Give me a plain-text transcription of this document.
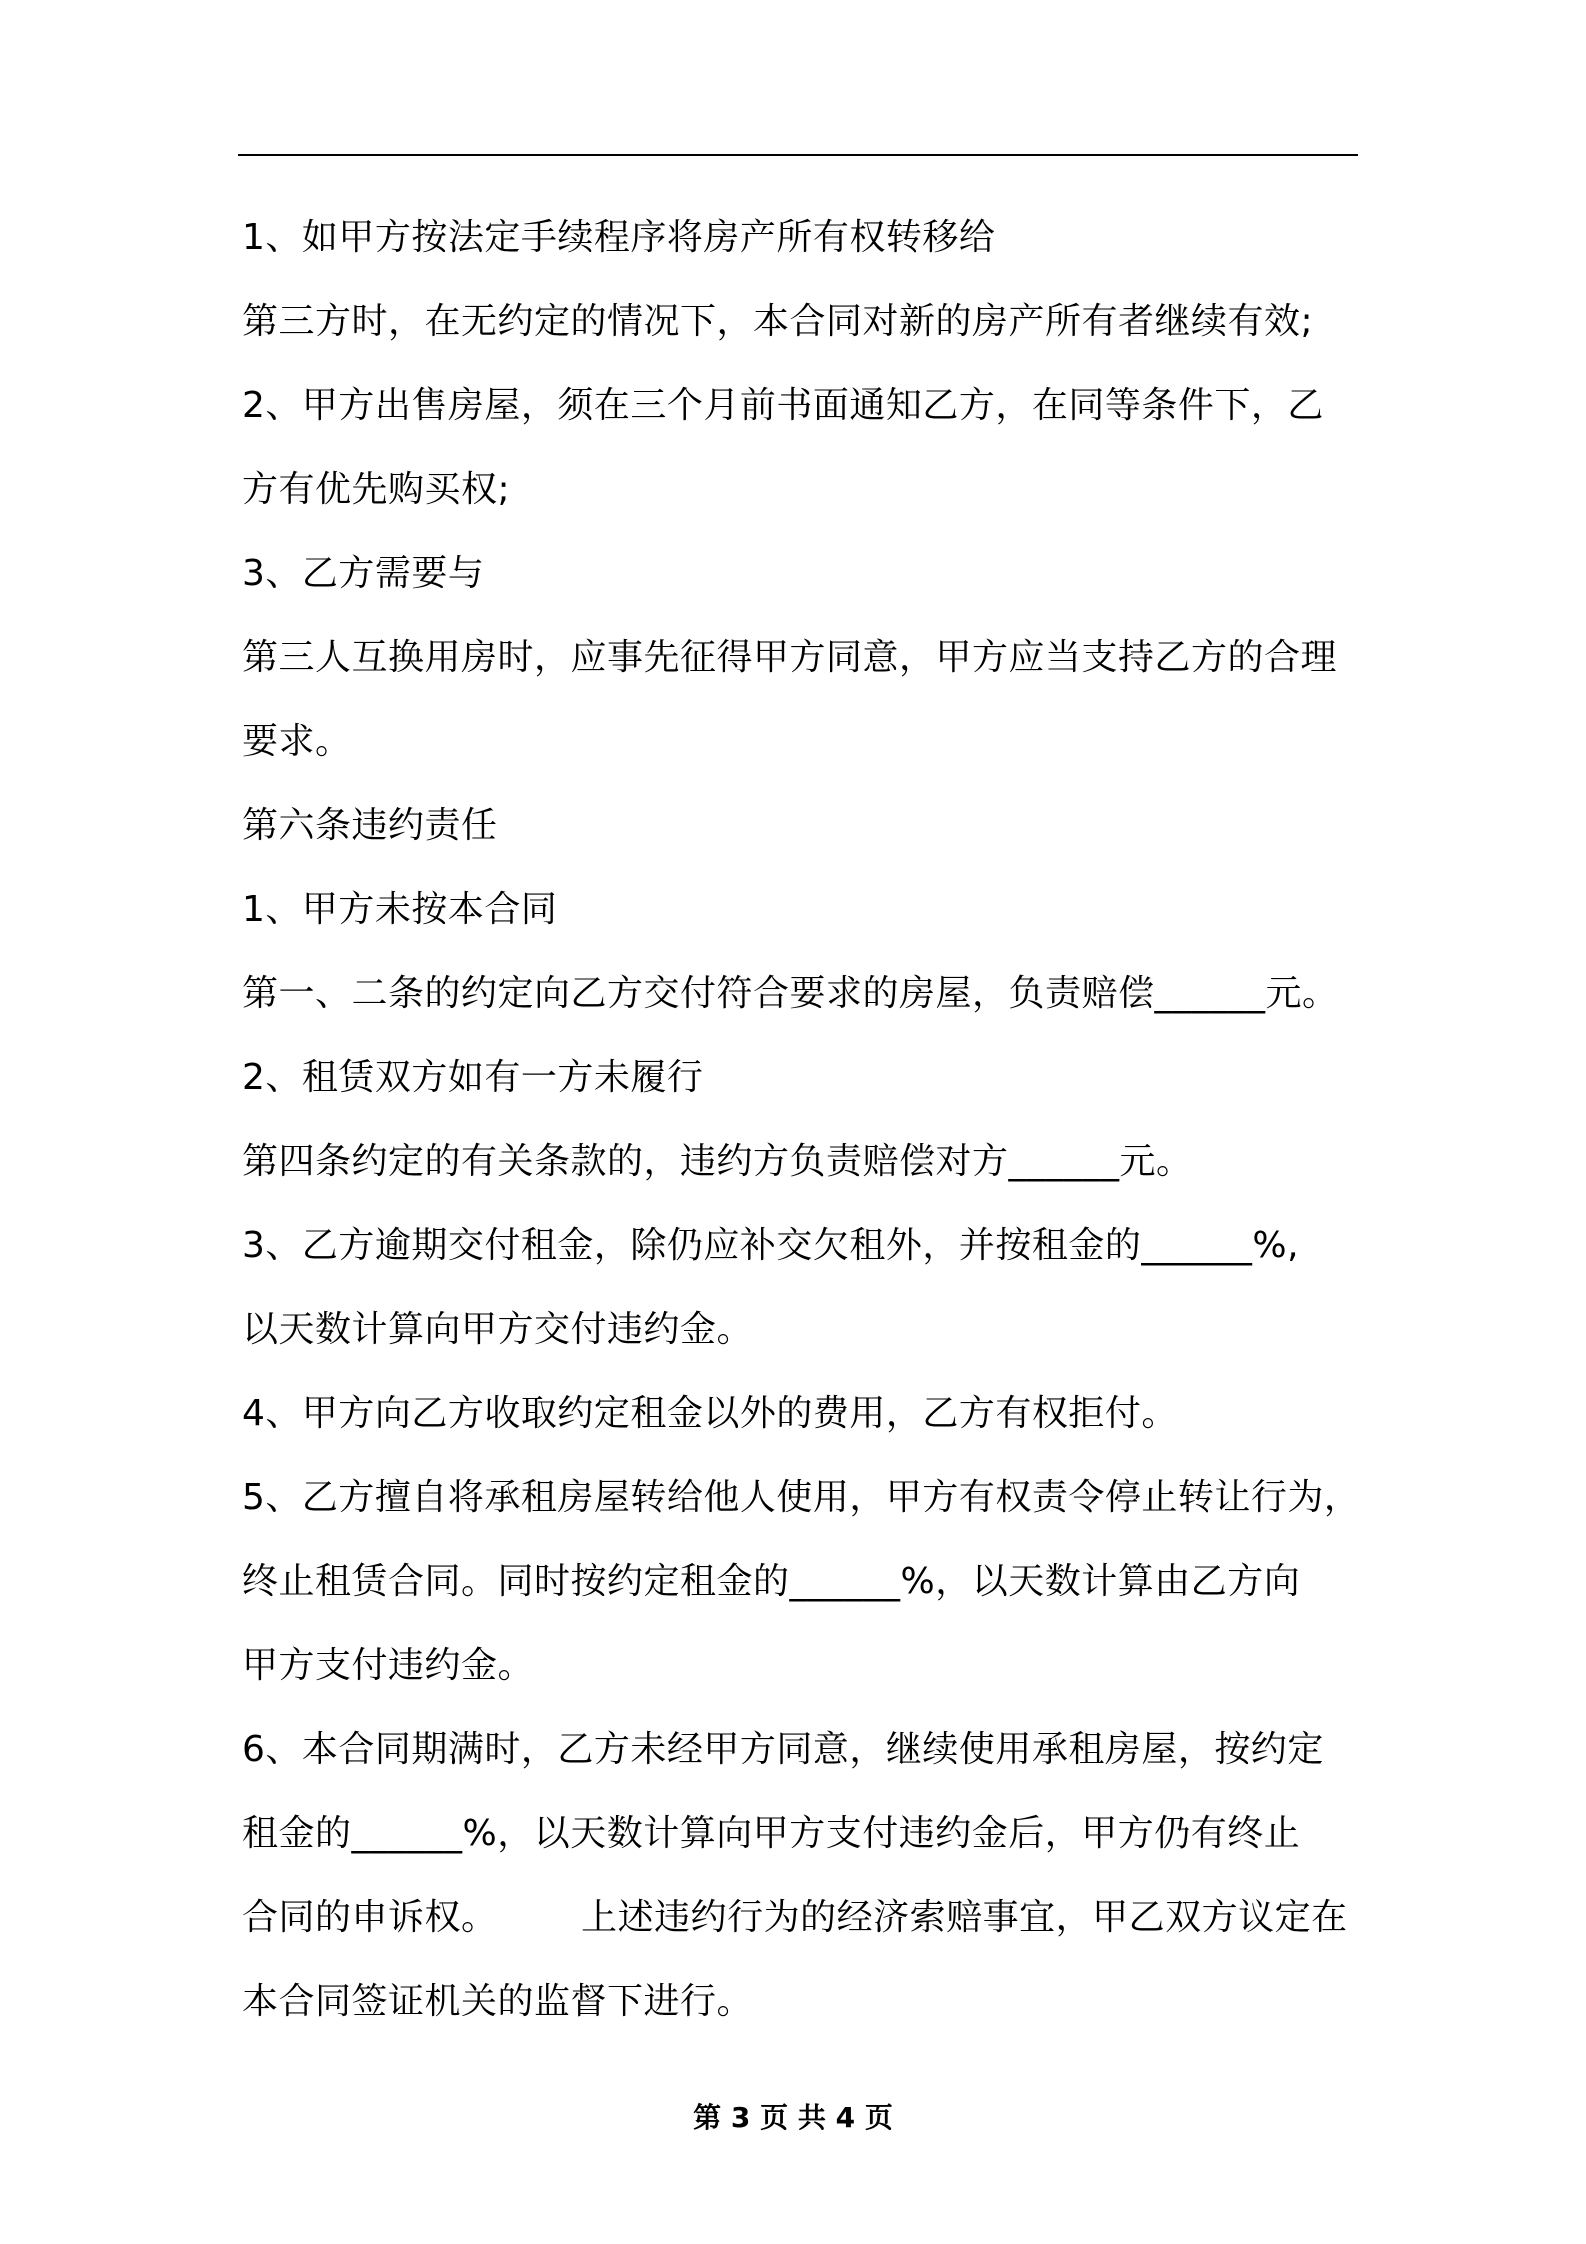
1、如甲方按法定手续程序将房产所有权转移给
第三方时，在无约定的情况下，本合同对新的房产所有者继续有效;
2、甲方出售房屋，须在三个月前书面通知乙方，在同等条件下，乙
方有优先购买权;
3、乙方需要与
第三人互换用房时，应事先征得甲方同意，甲方应当支持乙方的合理
要求。
第六条违约责任
1、甲方未按本合同
第一、二条的约定向乙方交付符合要求的房屋，负责赔偿______元。
2、租赁双方如有一方未履行
第四条约定的有关条款的，违约方负责赔偿对方______元。
3、乙方逾期交付租金，除仍应补交欠租外，并按租金的______%,
以天数计算向甲方交付违约金。
4、甲方向乙方收取约定租金以外的费用，乙方有权拒付。
5、乙方擅自将承租房屋转给他人使用，甲方有权责令停止转让行为，
终止租赁合同。同时按约定租金的______%，以天数计算由乙方向
甲方支付违约金。
6、本合同期满时，乙方未经甲方同意，继续使用承租房屋，按约定
租金的______%，以天数计算向甲方支付违约金后，甲方仍有终止
合同的申诉权。       上述违约行为的经济索赔事宜，甲乙双方议定在
本合同签证机关的监督下进行。
第 3 页 共 4 页
